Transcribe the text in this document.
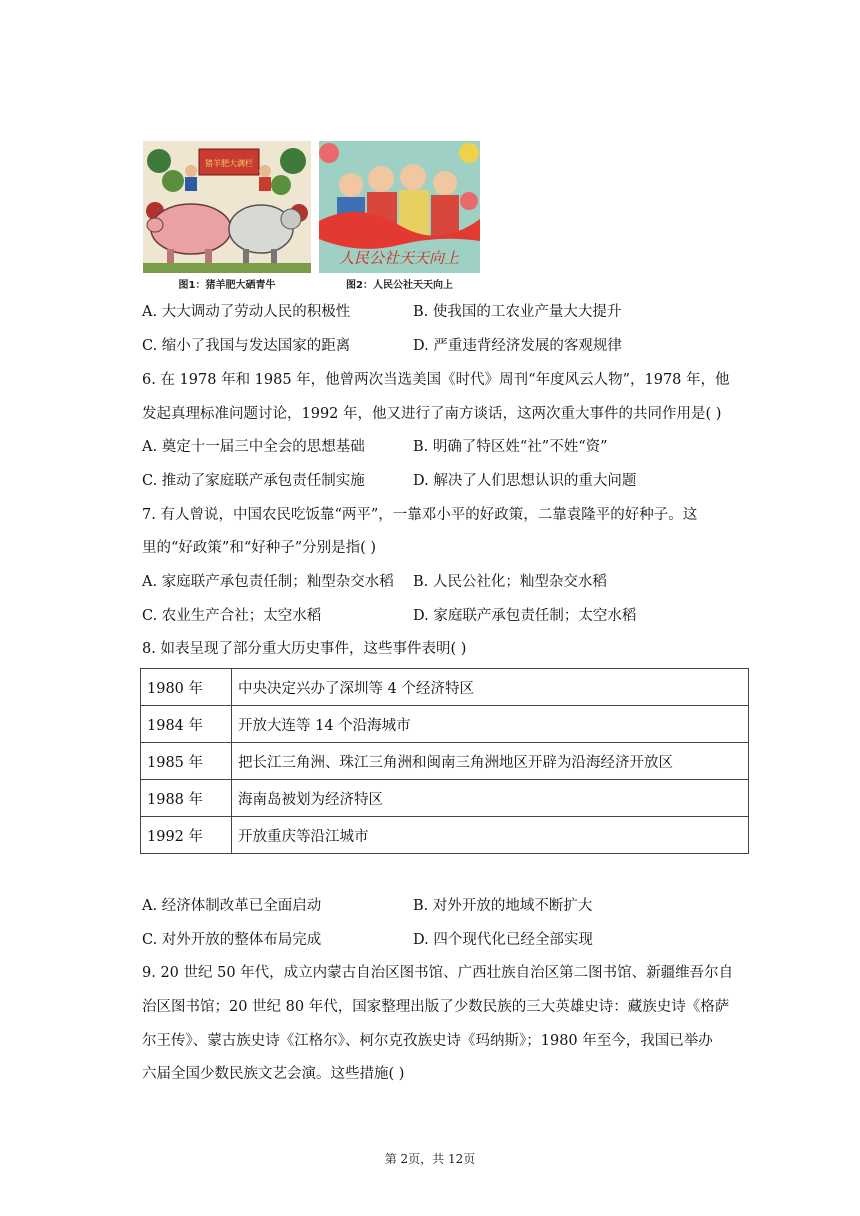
猪羊肥大满栏
图1：猪羊肥大硒青牛
人民公社天天向上
图2：人民公社天天向上
A. 大大调动了劳动人民的积极性	B. 使我国的工农业产量大大提升
C. 缩小了我国与发达国家的距离	D. 严重违背经济发展的客观规律
6. 在 1978 年和 1985 年，他曾两次当选美国《时代》周刊“年度风云人物”，1978 年，他
发起真理标准问题讨论，1992 年，他又进行了南方谈话，这两次重大事件的共同作用是( )
A. 奠定十一届三中全会的思想基础	B. 明确了特区姓“社”不姓“资”
C. 推动了家庭联产承包责任制实施	D. 解决了人们思想认识的重大问题
7. 有人曾说，中国农民吃饭靠“两平”，一靠邓小平的好政策，二靠袁隆平的好种子。这
里的“好政策”和“好种子”分别是指( )
A. 家庭联产承包责任制；籼型杂交水稻 B. 人民公社化；籼型杂交水稻
C. 农业生产合社；太空水稻	D. 家庭联产承包责任制；太空水稻
8. 如表呈现了部分重大历史事件，这些事件表明( )
1980 年	中央决定兴办了深圳等 4 个经济特区
1984 年	开放大连等 14 个沿海城市
1985 年	把长江三角洲、珠江三角洲和闽南三角洲地区开辟为沿海经济开放区
1988 年	海南岛被划为经济特区
1992 年	开放重庆等沿江城市
A. 经济体制改革已全面启动	B. 对外开放的地域不断扩大
C. 对外开放的整体布局完成	D. 四个现代化已经全部实现
9. 20 世纪 50 年代，成立内蒙古自治区图书馆、广西壮族自治区第二图书馆、新疆维吾尔自
治区图书馆；20 世纪 80 年代，国家整理出版了少数民族的三大英雄史诗：藏族史诗《格萨
尔王传》、蒙古族史诗《江格尔》、柯尔克孜族史诗《玛纳斯》；1980 年至今，我国已举办
六届全国少数民族文艺会演。这些措施( )
第 2页，共 12页
